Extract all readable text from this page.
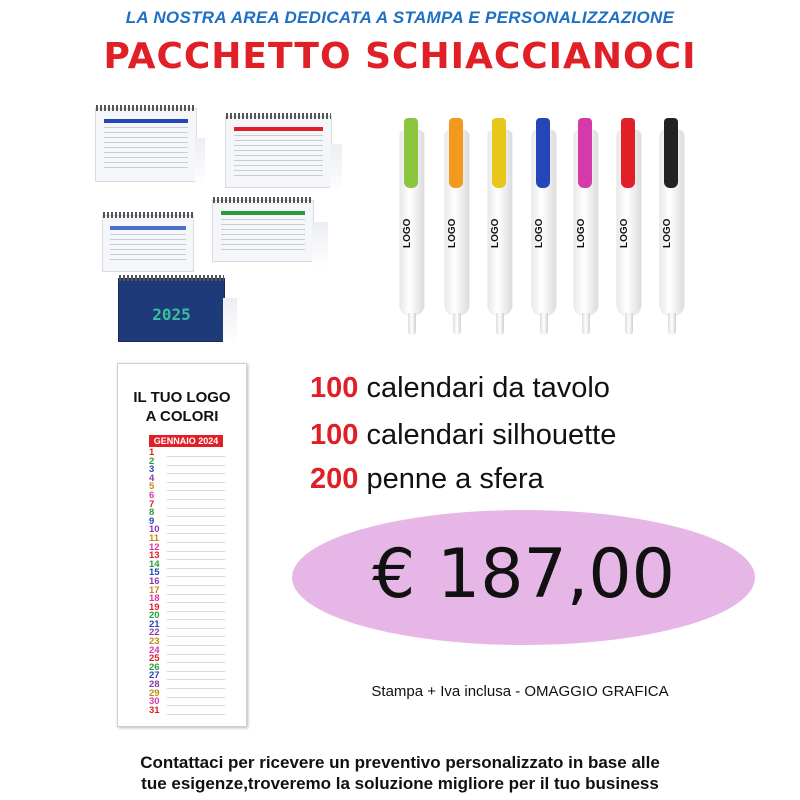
LA NOSTRA AREA DEDICATA A STAMPA E PERSONALIZZAZIONE
PACCHETTO SCHIACCIANOCI
2025
LOGO	LOGO	LOGO	LOGO	LOGO	LOGO	LOGO
IL TUO LOGO
A COLORI
GENNAIO 2024
1
2
3
4
5
6
7
8
9
10
11
12
13
14
15
16
17
18
19
20
21
22
23
24
25
26
27
28
29
30
31
100 calendari da tavolo
100 calendari silhouette
200 penne a sfera
€ 187,00
Stampa + Iva inclusa - OMAGGIO GRAFICA
Contattaci per ricevere un preventivo personalizzato in base alle
tue esigenze,troveremo la soluzione migliore per il tuo business
